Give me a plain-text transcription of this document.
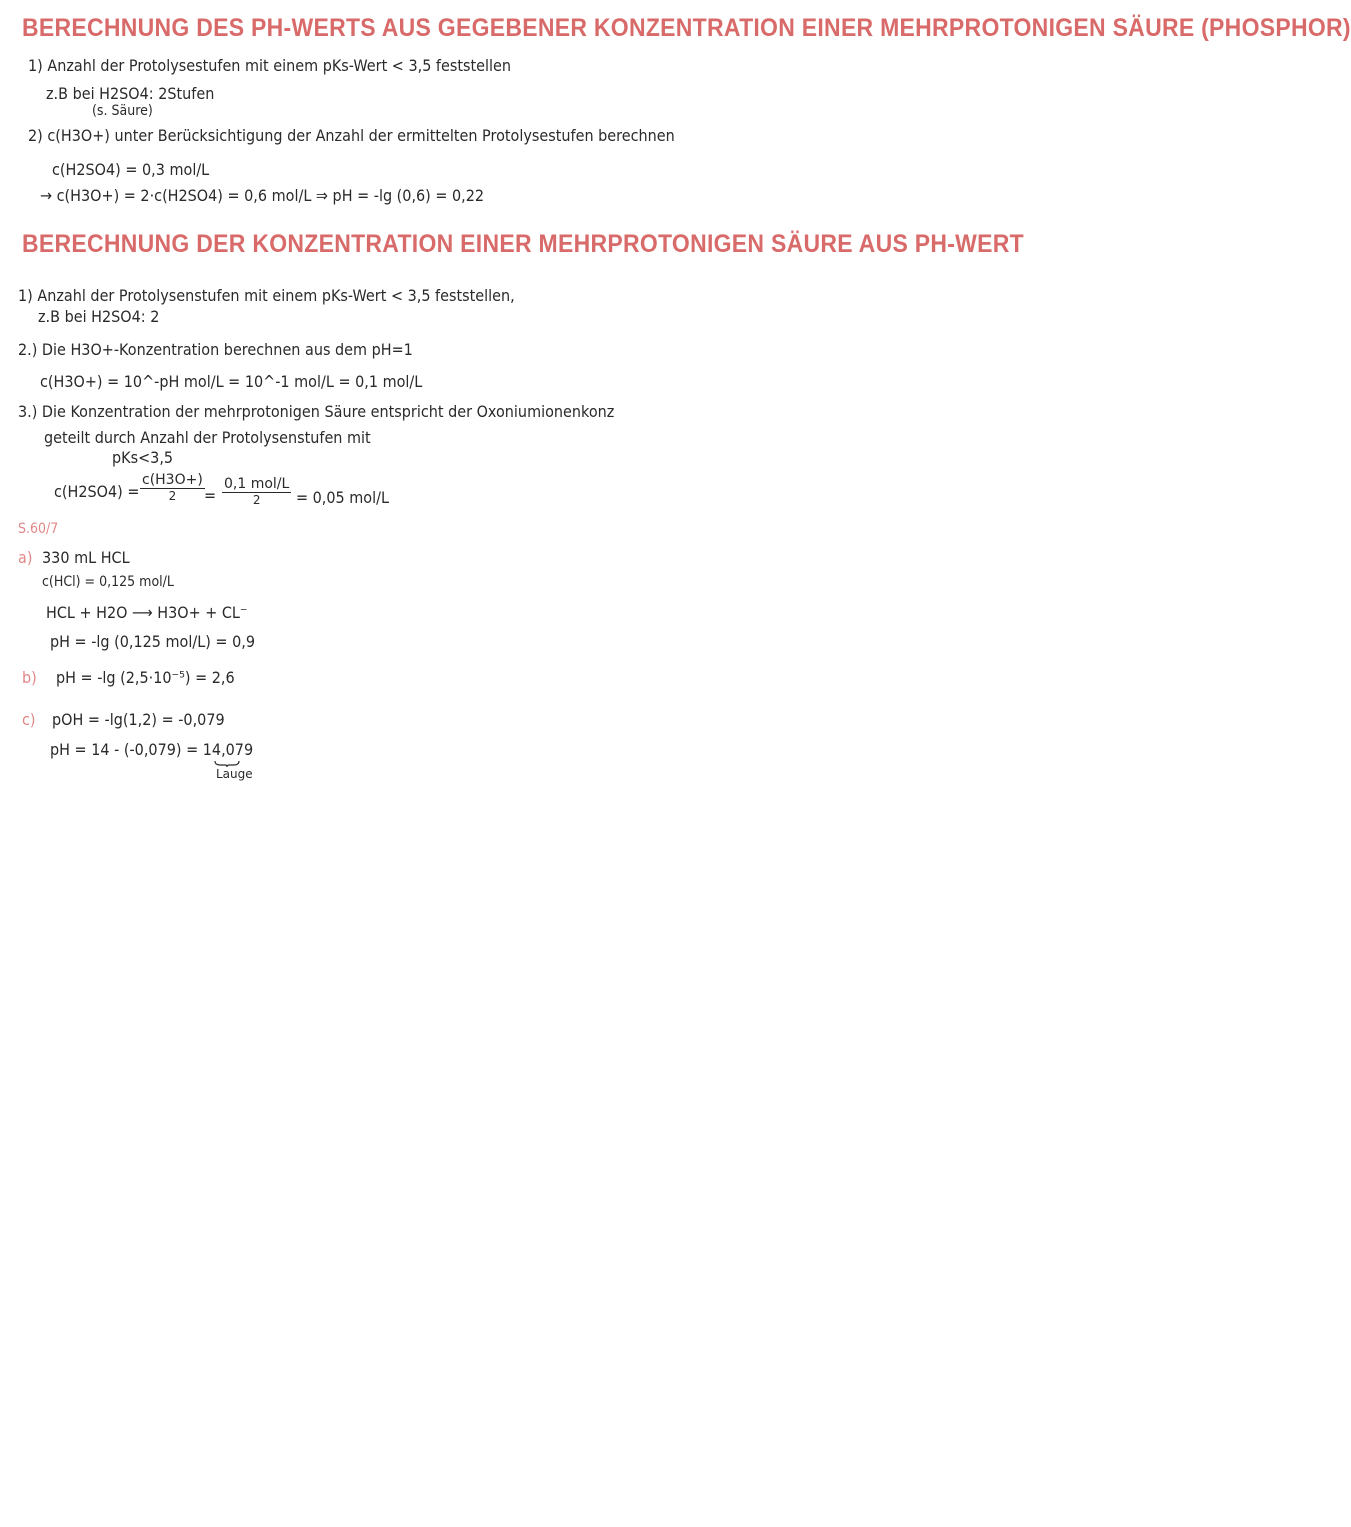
BERECHNUNG DES PH-WERTS AUS GEGEBENER KONZENTRATION EINER MEHRPROTONIGEN SÄURE (PHOSPHOR)
1) Anzahl der Protolysestufen mit einem pKs-Wert < 3,5 feststellen
z.B bei H2SO4: 2Stufen
(s. Säure)
2) c(H3O+) unter Berücksichtigung der Anzahl der ermittelten Protolysestufen berechnen
c(H2SO4) = 0,3 mol/L
→ c(H3O+) = 2·c(H2SO4) = 0,6 mol/L ⇒ pH = -lg (0,6) = 0,22
BERECHNUNG DER KONZENTRATION EINER MEHRPROTONIGEN SÄURE AUS PH-WERT
1) Anzahl der Protolysenstufen mit einem pKs-Wert < 3,5 feststellen,
z.B bei H2SO4: 2
2.) Die H3O+-Konzentration berechnen aus dem pH=1
c(H3O+) = 10^-pH mol/L = 10^-1 mol/L = 0,1 mol/L
3.) Die Konzentration der mehrprotonigen Säure entspricht der Oxoniumionenkonz
geteilt durch Anzahl der Protolysenstufen mit
pKs<3,5
$c(H2SO4) = \frac{c(H3O+)}{2}$ =
0,1 mol/L
2	= 0,05 mol/L
S.60/7
a) 330 mL HCL
c(HCl) = 0,125 mol/L
HCL + H2O ⟶ H3O+ + CL⁻
pH = -lg (0,125 mol/L) = 0,9
b) pH = -lg (2,5·10⁻⁵) = 2,6
c) pOH = -lg(1,2) = -0,079
pH = 14 - (-0,079) = 14,079
Lauge
